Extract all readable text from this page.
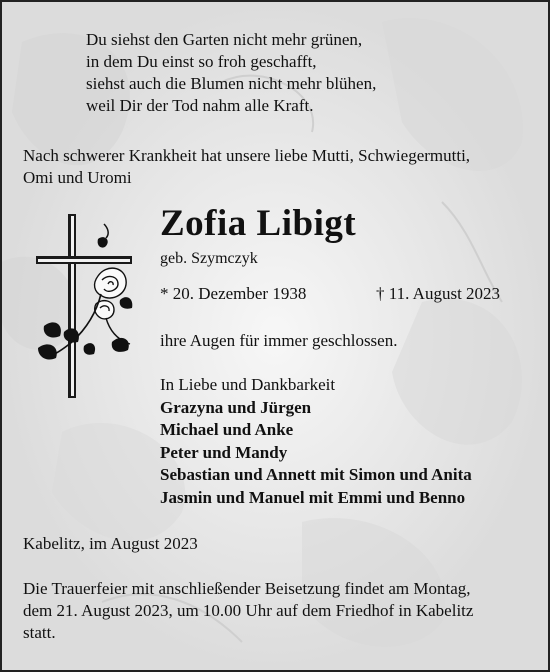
Du siehst den Garten nicht mehr grünen,
in dem Du einst so froh geschafft,
siehst auch die Blumen nicht mehr blühen,
weil Dir der Tod nahm alle Kraft.
Nach schwerer Krankheit hat unsere liebe Mutti, Schwiegermutti,
Omi und Uromi
Zofia Libigt
geb. Szymczyk
* 20. Dezember 1938	† 11. August 2023
ihre Augen für immer geschlossen.
In Liebe und Dankbarkeit
Grazyna und Jürgen
Michael und Anke
Peter und Mandy
Sebastian und Annett mit Simon und Anita
Jasmin und Manuel mit Emmi und Benno
Kabelitz, im August 2023
Die Trauerfeier mit anschließender Beisetzung findet am Montag,
dem 21. August 2023, um 10.00 Uhr auf dem Friedhof in Kabelitz
statt.
